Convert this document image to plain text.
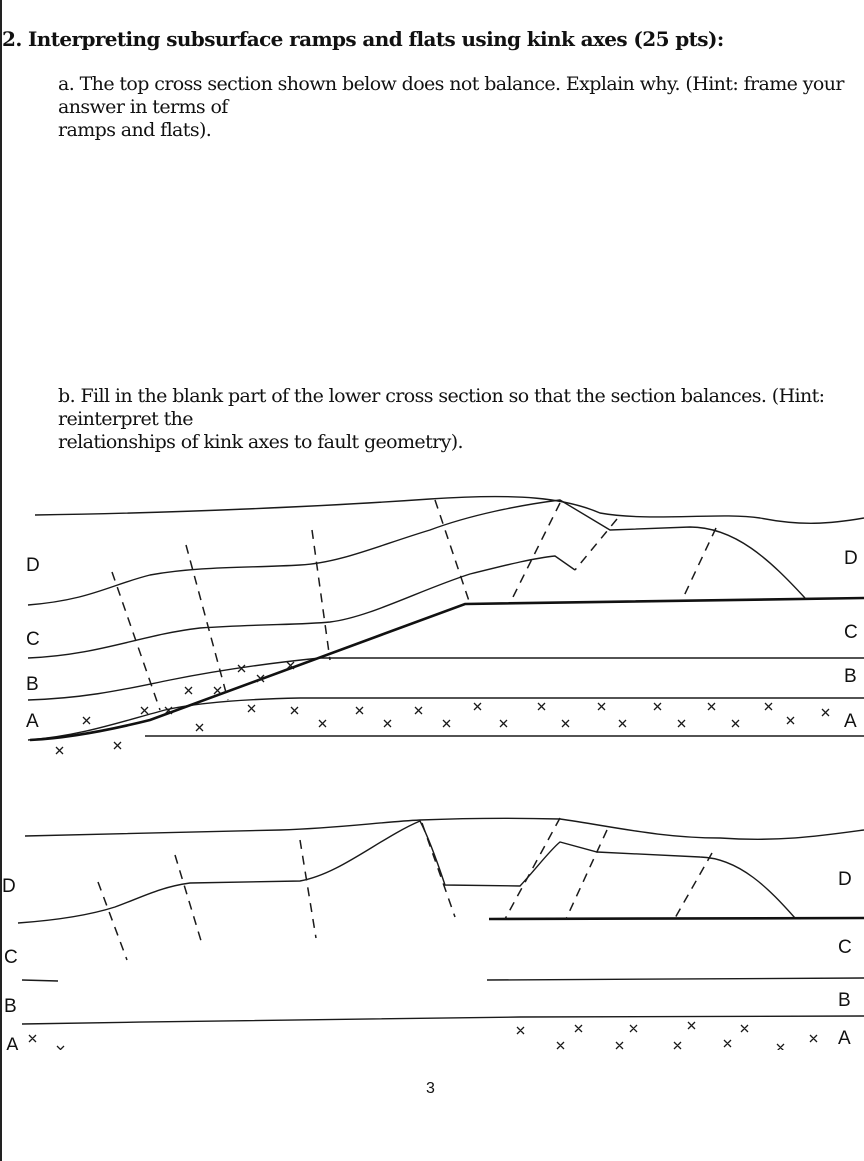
2. Interpreting subsurface ramps and flats using kink axes (25 pts):
a. The top cross section shown below does not balance. Explain why. (Hint: frame your answer in terms of
ramps and flats).
b. Fill in the blank part of the lower cross section so that the section balances. (Hint: reinterpret the
relationships of kink axes to fault geometry).
D
C
B
A
D
C
B
A
D
C
B
A
D
C
B
A
3
